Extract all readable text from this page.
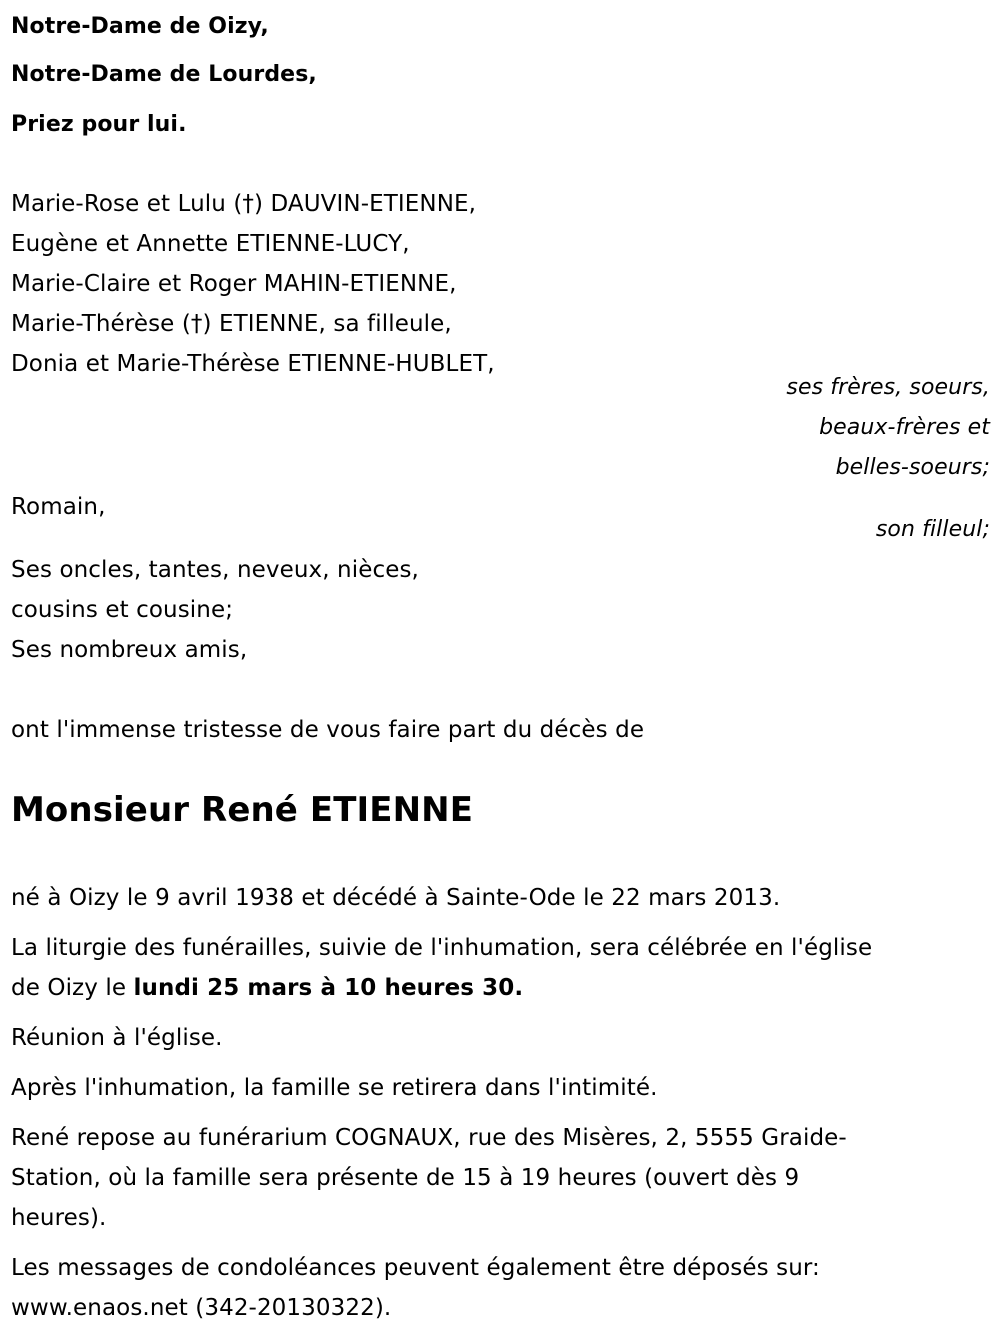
Notre-Dame de Oizy,
Notre-Dame de Lourdes,
Priez pour lui.
Marie-Rose et Lulu (†) DAUVIN-ETIENNE,
Eugène et Annette ETIENNE-LUCY,
Marie-Claire et Roger MAHIN-ETIENNE,
Marie-Thérèse (†) ETIENNE, sa filleule,
Donia et Marie-Thérèse ETIENNE-HUBLET,
ses frères, soeurs,
beaux-frères et
belles-soeurs;
Romain,
son filleul;
Ses oncles, tantes, neveux, nièces,
cousins et cousine;
Ses nombreux amis,
ont l'immense tristesse de vous faire part du décès de
Monsieur René ETIENNE
né à Oizy le 9 avril 1938 et décédé à Sainte-Ode le 22 mars 2013.
La liturgie des funérailles, suivie de l'inhumation, sera célébrée en l'église
de Oizy le lundi 25 mars à 10 heures 30.
Réunion à l'église.
Après l'inhumation, la famille se retirera dans l'intimité.
René repose au funérarium COGNAUX, rue des Misères, 2, 5555 Graide-
Station, où la famille sera présente de 15 à 19 heures (ouvert dès 9
heures).
Les messages de condoléances peuvent également être déposés sur:
www.enaos.net (342-20130322).
